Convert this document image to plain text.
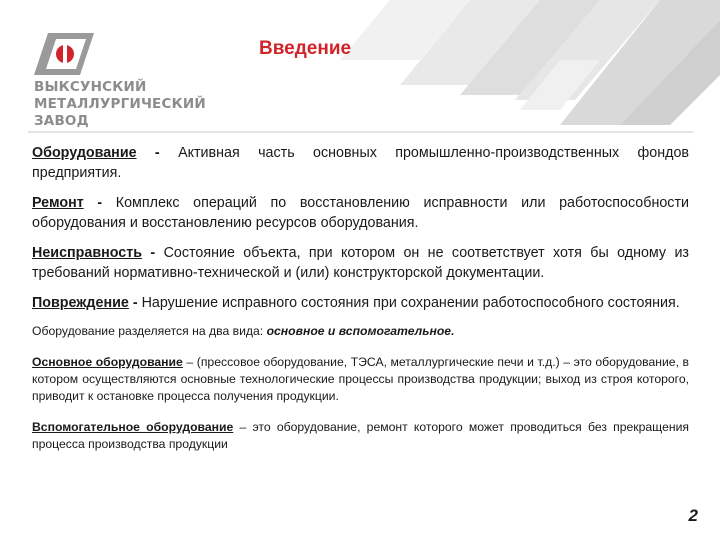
ВЫКСУНСКИЙ
МЕТАЛЛУРГИЧЕСКИЙ
ЗАВОД
Введение
Оборудование - Активная часть основных промышленно-производственных фондов предприятия.
Ремонт - Комплекс операций по восстановлению исправности или работоспособности оборудования и восстановлению ресурсов оборудования.
Неисправность - Состояние объекта, при котором он не соответствует хотя бы одному из требований нормативно-технической и (или) конструкторской документации.
Повреждение - Нарушение исправного состояния при сохранении работоспособного состояния.
Оборудование разделяется на два вида: основное и вспомогательное.
Основное оборудование – (прессовое оборудование, ТЭСА, металлургические печи и т.д.) – это оборудование, в котором осуществляются основные технологические процессы производства продукции; выход из строя которого, приводит к остановке процесса получения продукции.
Вспомогательное оборудование – это оборудование, ремонт которого может проводиться без прекращения процесса производства продукции
2
